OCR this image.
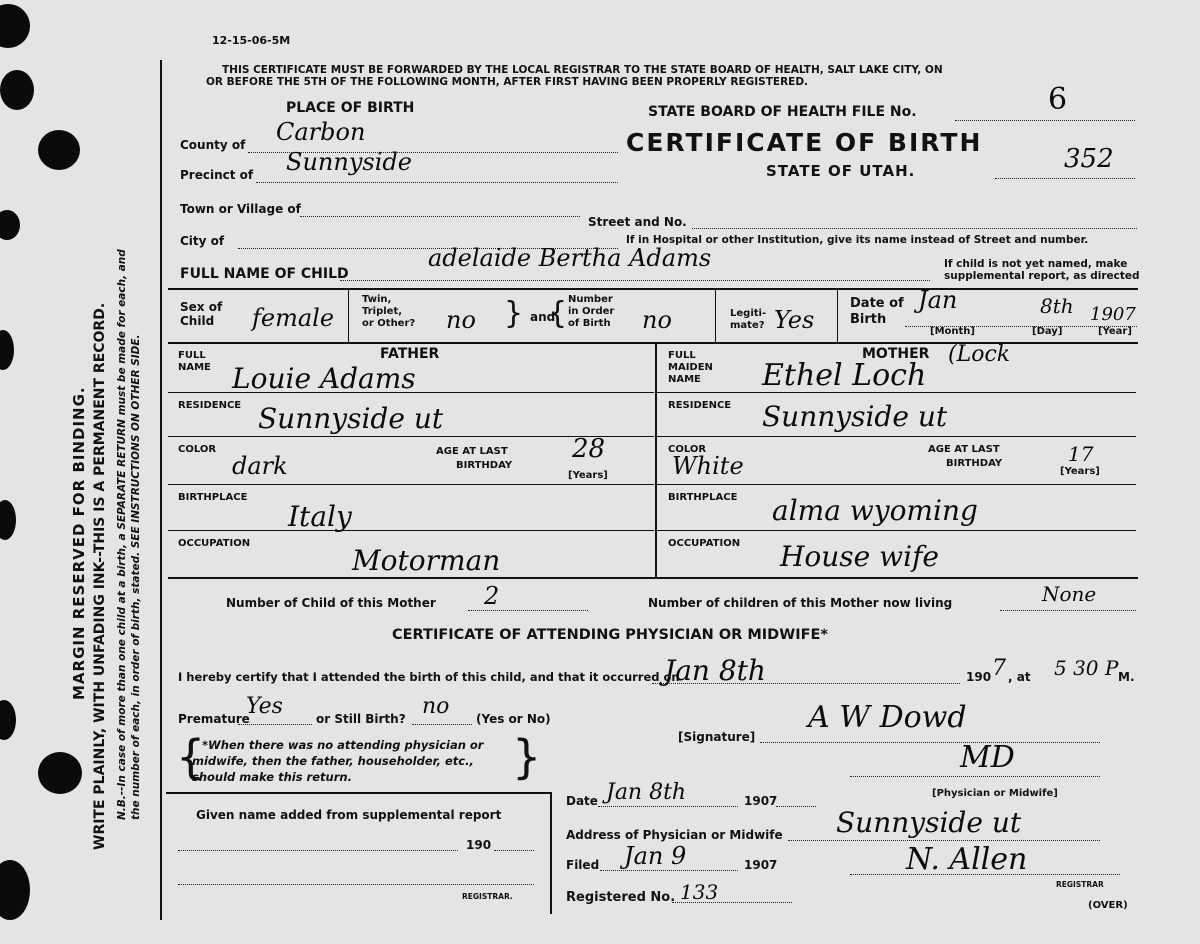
MARGIN RESERVED FOR BINDING. WRITE PLAINLY, WITH UNFADING INK--THIS IS A PERMANENT RECORD. N.B.--In case of more than one child at a birth, a SEPARATE RETURN must be made for each, and the number of each, in order of birth, stated. SEE INSTRUCTIONS ON OTHER SIDE.
12-15-06-5M
THIS CERTIFICATE MUST BE FORWARDED BY THE LOCAL REGISTRAR TO THE STATE BOARD OF HEALTH, SALT LAKE CITY, ON
OR BEFORE THE 5TH OF THE FOLLOWING MONTH, AFTER FIRST HAVING BEEN PROPERLY REGISTERED.
PLACE OF BIRTH	STATE BOARD OF HEALTH FILE No.	6
CERTIFICATE OF BIRTH
STATE OF UTAH.	352
County of Carbon
Precinct of Sunnyside
Town or Village of
Street and No.
City of	If in Hospital or other Institution, give its name instead of Street and number.
FULL NAME OF CHILD
adelaide Bertha Adams	If child is not yet named, make
supplemental report, as directed
Sex of
Child female
Twin,
Triplet,
or Other? no } and
{ Number
in Order
of Birth no	Legiti-
mate? Yes
Date of
Birth
Jan	8th 1907
[Month]	[Day]	[Year]
FATHER
FULL
NAME Louie Adams
RESIDENCE Sunnyside ut
COLOR
dark
AGE AT LAST
BIRTHDAY
28
[Years]
BIRTHPLACE
Italy
OCCUPATION
Motorman
MOTHER (Lock
FULL
MAIDEN
NAME Ethel Loch
RESIDENCE Sunnyside ut
COLOR
White
AGE AT LAST
BIRTHDAY	17
[Years]
BIRTHPLACE alma wyoming
OCCUPATION House wife
Number of Child of this Mother 2	Number of children of this Mother now living	None
CERTIFICATE OF ATTENDING PHYSICIAN OR MIDWIFE*
I hereby certify that I attended the birth of this child, and that it occurred on
Jan 8th	190 7 , at 5 30 P M.
Premature
Yes	or Still Birth? no (Yes or No)
{
*When there was no attending physician or
midwife, then the father, householder, etc.,
should make this return.	}	[Signature]
A W Dowd
MD
[Physician or Midwife]
Date Jan 8th	1907
Address of Physician or Midwife Sunnyside ut
Filed Jan 9	1907	N. Allen
REGISTRAR
Registered No. 133
(OVER)
Given name added from supplemental report
190
REGISTRAR.
